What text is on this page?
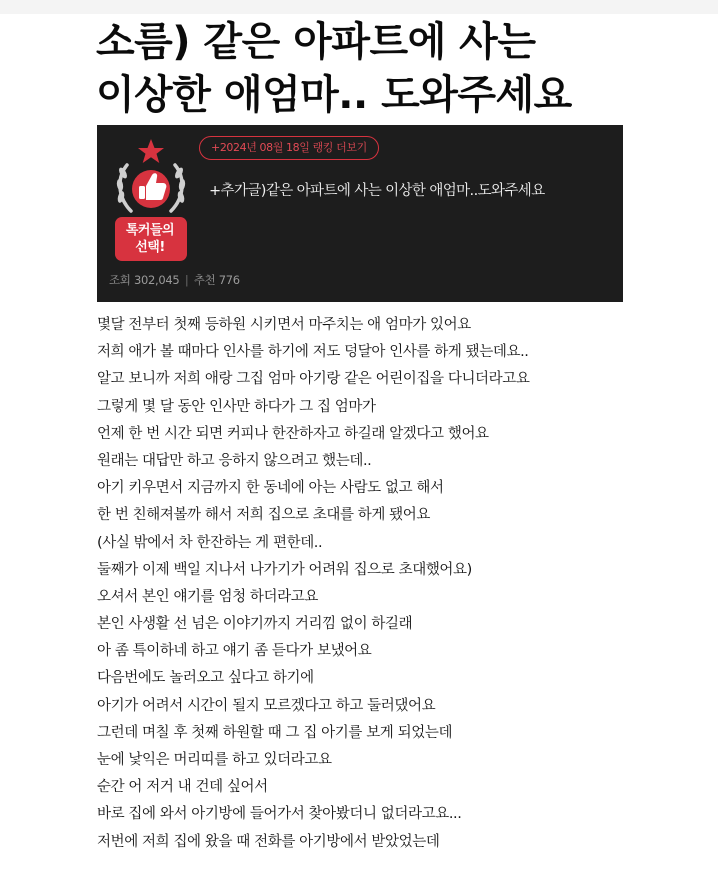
소름) 같은 아파트에 사는
이상한 애엄마.. 도와주세요
톡커들의
선택!
+2024년 08월 18일 랭킹 더보기
+추가글)같은 아파트에 사는 이상한 애엄마..도와주세요
조회 302,045 | 추천 776
몇달 전부터 첫째 등하원 시키면서 마주치는 애 엄마가 있어요
저희 애가 볼 때마다 인사를 하기에 저도 덩달아 인사를 하게 됐는데요..
알고 보니까 저희 애랑 그집 엄마 아기랑 같은 어린이집을 다니더라고요
그렇게 몇 달 동안 인사만 하다가 그 집 엄마가
언제 한 번 시간 되면 커피나 한잔하자고 하길래 알겠다고 했어요
원래는 대답만 하고 응하지 않으려고 했는데..
아기 키우면서 지금까지 한 동네에 아는 사람도 없고 해서
한 번 친해져볼까 해서 저희 집으로 초대를 하게 됐어요
(사실 밖에서 차 한잔하는 게 편한데..
둘째가 이제 백일 지나서 나가기가 어려워 집으로 초대했어요)
오셔서 본인 얘기를 엄청 하더라고요
본인 사생활 선 넘은 이야기까지 거리낌 없이 하길래
아 좀 특이하네 하고 얘기 좀 듣다가 보냈어요
다음번에도 놀러오고 싶다고 하기에
아기가 어려서 시간이 될지 모르겠다고 하고 둘러댔어요
그런데 며칠 후 첫째 하원할 때 그 집 아기를 보게 되었는데
눈에 낯익은 머리띠를 하고 있더라고요
순간 어 저거 내 건데 싶어서
바로 집에 와서 아기방에 들어가서 찾아봤더니 없더라고요...
저번에 저희 집에 왔을 때 전화를 아기방에서 받았었는데
